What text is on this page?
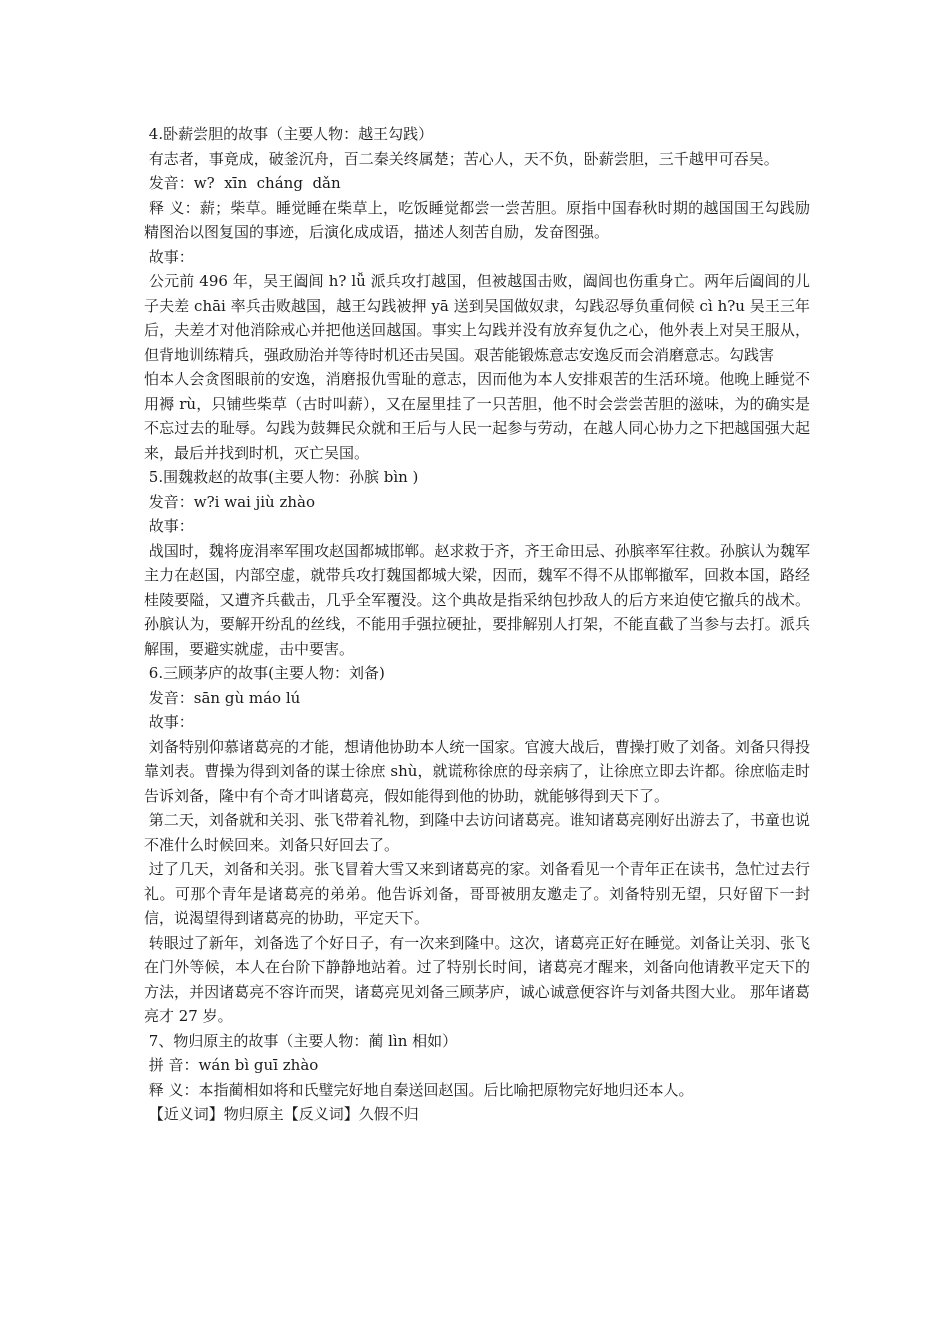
4.卧薪尝胆的故事（主要人物：越王勾践）
有志者，事竟成，破釜沉舟，百二秦关终属楚；苦心人，天不负，卧薪尝胆，三千越甲可吞吴。
发音：w?  xīn  cháng  dǎn
释 义：薪；柴草。睡觉睡在柴草上，吃饭睡觉都尝一尝苦胆。原指中国春秋时期的越国国王勾践励精图治以图复国的事迹，后演化成成语，描述人刻苦自励，发奋图强。
故事：
公元前 496 年，吴王阖闾 h? lǚ 派兵攻打越国，但被越国击败，阖闾也伤重身亡。两年后阖闾的儿子夫差 chāi 率兵击败越国，越王勾践被押 yā 送到吴国做奴隶，勾践忍辱负重伺候 cì h?u 吴王三年后，夫差才对他消除戒心并把他送回越国。事实上勾践并没有放弃复仇之心，他外表上对吴王服从，但背地训练精兵，强政励治并等待时机还击吴国。艰苦能锻炼意志安逸反而会消磨意志。勾践害
怕本人会贪图眼前的安逸，消磨报仇雪耻的意志，因而他为本人安排艰苦的生活环境。他晚上睡觉不用褥 rù，只铺些柴草（古时叫薪），又在屋里挂了一只苦胆，他不时会尝尝苦胆的滋味，为的确实是不忘过去的耻辱。勾践为鼓舞民众就和王后与人民一起参与劳动，在越人同心协力之下把越国强大起来，最后并找到时机，灭亡吴国。
5.围魏救赵的故事(主要人物：孙膑 bìn )
发音：w?i wai jiù zhào
故事：
战国时，魏将庞涓率军围攻赵国都城邯郸。赵求救于齐，齐王命田忌、孙膑率军往救。孙膑认为魏军主力在赵国，内部空虚，就带兵攻打魏国都城大梁，因而，魏军不得不从邯郸撤军，回救本国，路经桂陵要隘，又遭齐兵截击，几乎全军覆没。这个典故是指采纳包抄敌人的后方来迫使它撤兵的战术。孙膑认为，要解开纷乱的丝线，不能用手强拉硬扯，要排解别人打架，不能直截了当参与去打。派兵解围，要避实就虚，击中要害。
6.三顾茅庐的故事(主要人物：刘备)
发音：sān gù máo lú
故事：
刘备特别仰慕诸葛亮的才能，想请他协助本人统一国家。官渡大战后，曹操打败了刘备。刘备只得投靠刘表。曹操为得到刘备的谋士徐庶 shù，就谎称徐庶的母亲病了，让徐庶立即去许都。徐庶临走时告诉刘备，隆中有个奇才叫诸葛亮，假如能得到他的协助，就能够得到天下了。
第二天，刘备就和关羽、张飞带着礼物，到隆中去访问诸葛亮。谁知诸葛亮刚好出游去了，书童也说不准什么时候回来。刘备只好回去了。
过了几天，刘备和关羽。张飞冒着大雪又来到诸葛亮的家。刘备看见一个青年正在读书，急忙过去行礼。可那个青年是诸葛亮的弟弟。他告诉刘备，哥哥被朋友邀走了。刘备特别无望，只好留下一封信，说渴望得到诸葛亮的协助，平定天下。
转眼过了新年，刘备选了个好日子，有一次来到隆中。这次，诸葛亮正好在睡觉。刘备让关羽、张飞在门外等候，本人在台阶下静静地站着。过了特别长时间，诸葛亮才醒来，刘备向他请教平定天下的方法，并因诸葛亮不容许而哭，诸葛亮见刘备三顾茅庐，诚心诚意便容许与刘备共图大业。 那年诸葛亮才 27 岁。
7、物归原主的故事（主要人物：蔺 lìn 相如）
拼 音：wán bì guī zhào
释 义：本指蔺相如将和氏璧完好地自秦送回赵国。后比喻把原物完好地归还本人。
【近义词】物归原主【反义词】久假不归
